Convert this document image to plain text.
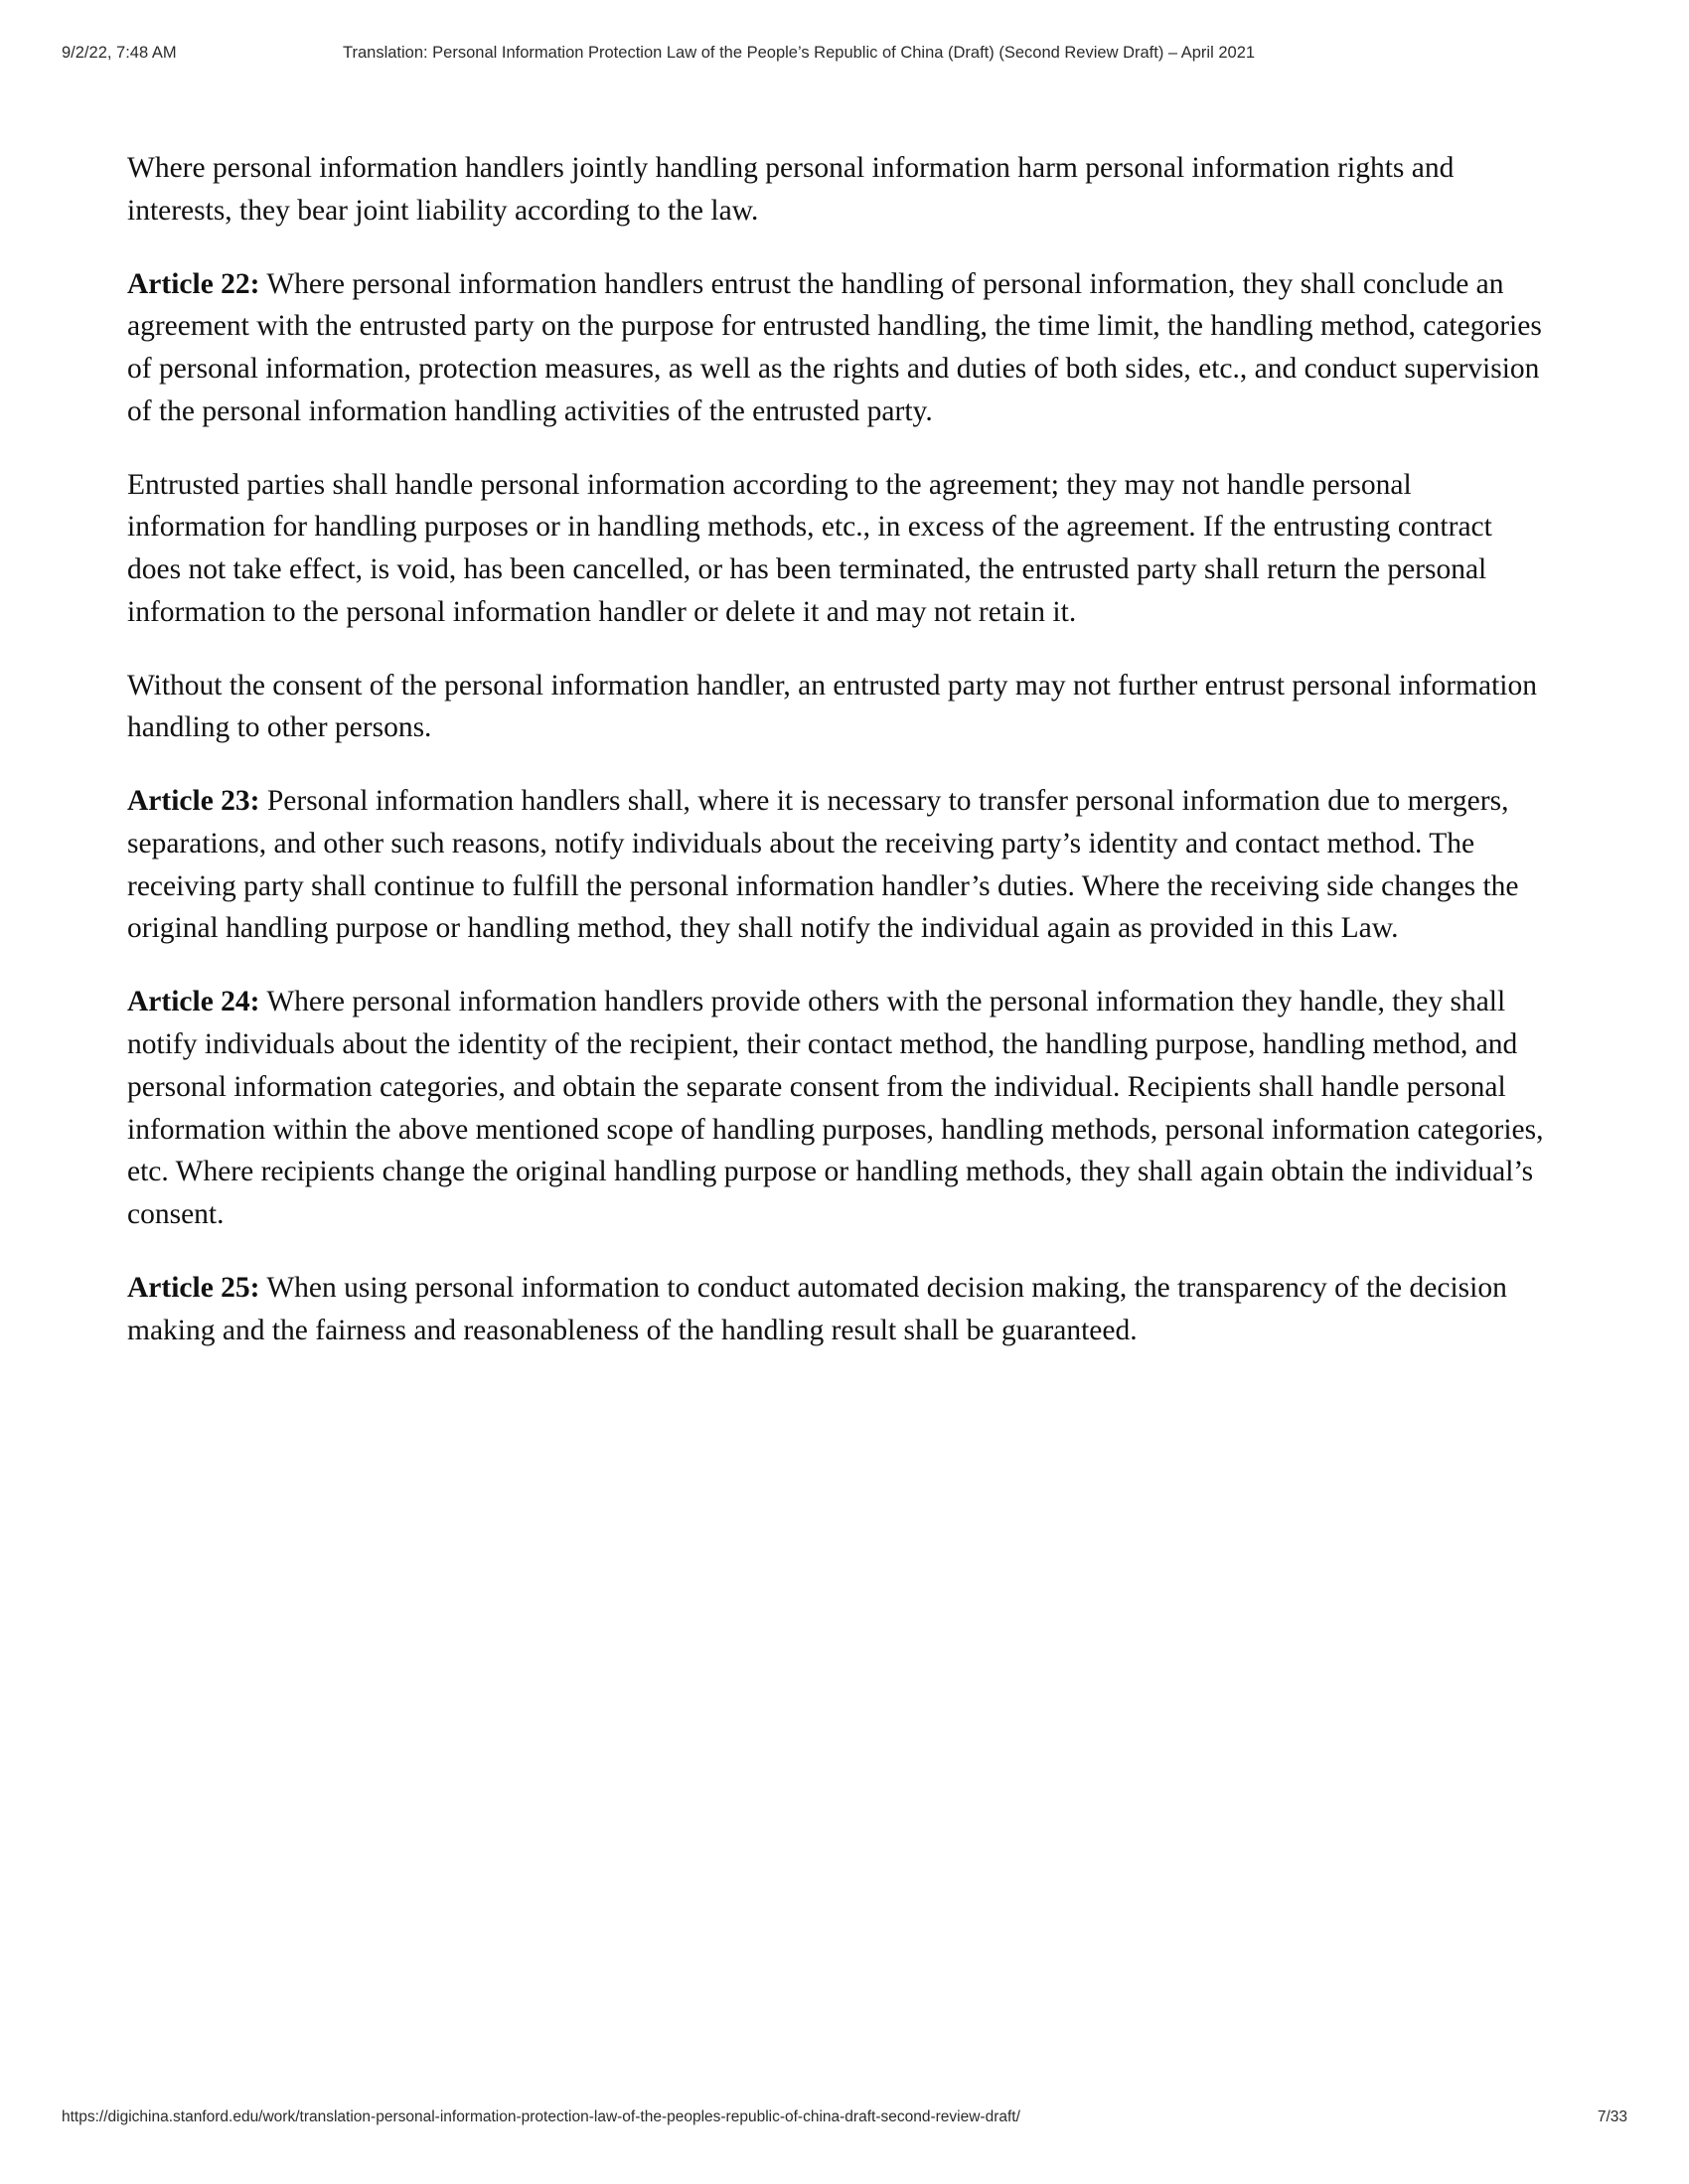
9/2/22, 7:48 AM	Translation: Personal Information Protection Law of the People’s Republic of China (Draft) (Second Review Draft) – April 2021

Where personal information handlers jointly handling personal information harm personal information rights and interests, they bear joint liability according to the law.

Article 22: Where personal information handlers entrust the handling of personal information, they shall conclude an agreement with the entrusted party on the purpose for entrusted handling, the time limit, the handling method, categories of personal information, protection measures, as well as the rights and duties of both sides, etc., and conduct supervision of the personal information handling activities of the entrusted party.

Entrusted parties shall handle personal information according to the agreement; they may not handle personal information for handling purposes or in handling methods, etc., in excess of the agreement. If the entrusting contract does not take effect, is void, has been cancelled, or has been terminated, the entrusted party shall return the personal information to the personal information handler or delete it and may not retain it.

Without the consent of the personal information handler, an entrusted party may not further entrust personal information handling to other persons.

Article 23: Personal information handlers shall, where it is necessary to transfer personal information due to mergers, separations, and other such reasons, notify individuals about the receiving party’s identity and contact method. The receiving party shall continue to fulfill the personal information handler’s duties. Where the receiving side changes the original handling purpose or handling method, they shall notify the individual again as provided in this Law.

Article 24: Where personal information handlers provide others with the personal information they handle, they shall notify individuals about the identity of the recipient, their contact method, the handling purpose, handling method, and personal information categories, and obtain the separate consent from the individual. Recipients shall handle personal information within the above mentioned scope of handling purposes, handling methods, personal information categories, etc. Where recipients change the original handling purpose or handling methods, they shall again obtain the individual’s consent.

Article 25: When using personal information to conduct automated decision making, the transparency of the decision making and the fairness and reasonableness of the handling result shall be guaranteed.

https://digichina.stanford.edu/work/translation-personal-information-protection-law-of-the-peoples-republic-of-china-draft-second-review-draft/	7/33
